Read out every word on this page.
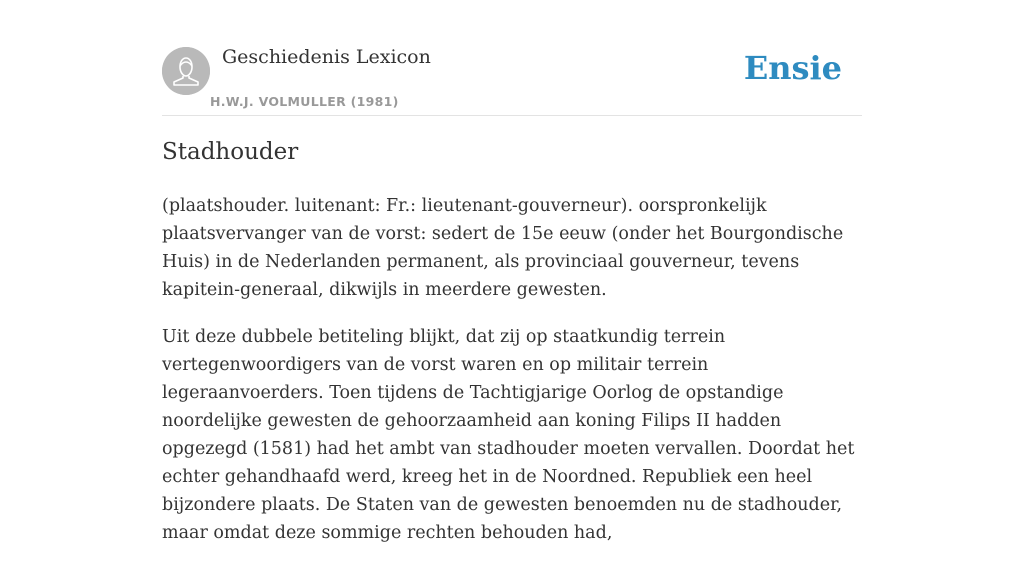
Geschiedenis Lexicon
H.W.J. VOLMULLER (1981)
Ensie
Stadhouder

(plaatshouder. luitenant: Fr.: lieutenant-gouverneur). oorspronkelijk plaatsvervanger van de vorst: sedert de 15e eeuw (onder het Bourgondische Huis) in de Nederlanden permanent, als provinciaal gouverneur, tevens kapitein-generaal, dikwijls in meerdere gewesten.

Uit deze dubbele betiteling blijkt, dat zij op staatkundig terrein vertegenwoordigers van de vorst waren en op militair terrein legeraanvoerders. Toen tijdens de Tachtigjarige Oorlog de opstandige noordelijke gewesten de gehoorzaamheid aan koning Filips II hadden opgezegd (1581) had het ambt van stadhouder moeten vervallen. Doordat het echter gehandhaafd werd, kreeg het in de Noordned. Republiek een heel bijzondere plaats. De Staten van de gewesten benoemden nu de stadhouder, maar omdat deze sommige rechten behouden had,
